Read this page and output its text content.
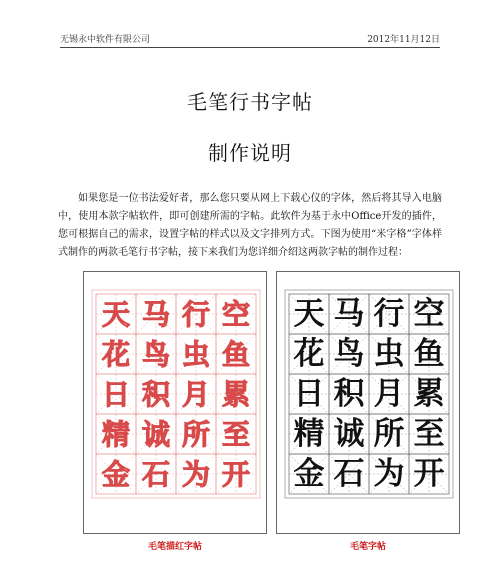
无锡永中软件有限公司	2012年11月12日
毛笔行书字帖
制作说明

如果您是一位书法爱好者，那么您只要从网上下载心仪的字体，然后将其导入电脑中，使用本款字帖软件，即可创建所需的字帖。此软件为基于永中Office开发的插件，您可根据自己的需求，设置字帖的样式以及文字排列方式。下图为使用“米字格”字体样式制作的两款毛笔行书字帖，接下来我们为您详细介绍这两款字帖的制作过程：

天 马 行 空
花 鸟 虫 鱼
日 积 月 累
精 诚 所 至
金 石 为 开
天 马 行 空
花 鸟 虫 鱼
日 积 月 累
精 诚 所 至
金 石 为 开
毛笔描红字帖	毛笔字帖
